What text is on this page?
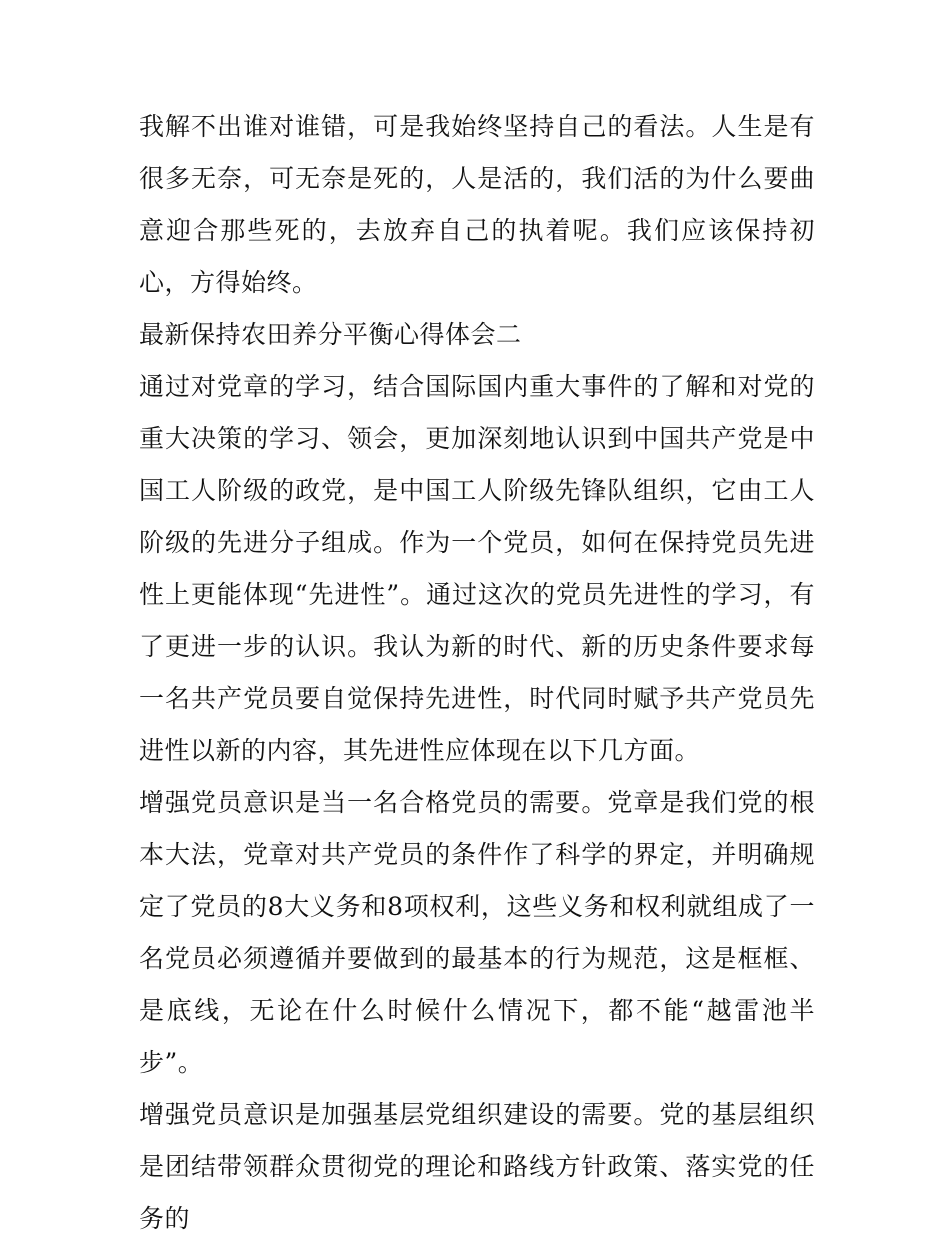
我解不出谁对谁错，可是我始终坚持自己的看法。人生是有很多无奈，可无奈是死的，人是活的，我们活的为什么要曲意迎合那些死的，去放弃自己的执着呢。我们应该保持初心，方得始终。

最新保持农田养分平衡心得体会二

通过对党章的学习，结合国际国内重大事件的了解和对党的重大决策的学习、领会，更加深刻地认识到中国共产党是中国工人阶级的政党，是中国工人阶级先锋队组织，它由工人阶级的先进分子组成。作为一个党员，如何在保持党员先进性上更能体现“先进性”。通过这次的党员先进性的学习，有了更进一步的认识。我认为新的时代、新的历史条件要求每一名共产党员要自觉保持先进性，时代同时赋予共产党员先进性以新的内容，其先进性应体现在以下几方面。

增强党员意识是当一名合格党员的需要。党章是我们党的根本大法，党章对共产党员的条件作了科学的界定，并明确规定了党员的8大义务和8项权利，这些义务和权利就组成了一名党员必须遵循并要做到的最基本的行为规范，这是框框、是底线，无论在什么时候什么情况下，都不能“越雷池半步”。

增强党员意识是加强基层党组织建设的需要。党的基层组织是团结带领群众贯彻党的理论和路线方针政策、落实党的任务的
